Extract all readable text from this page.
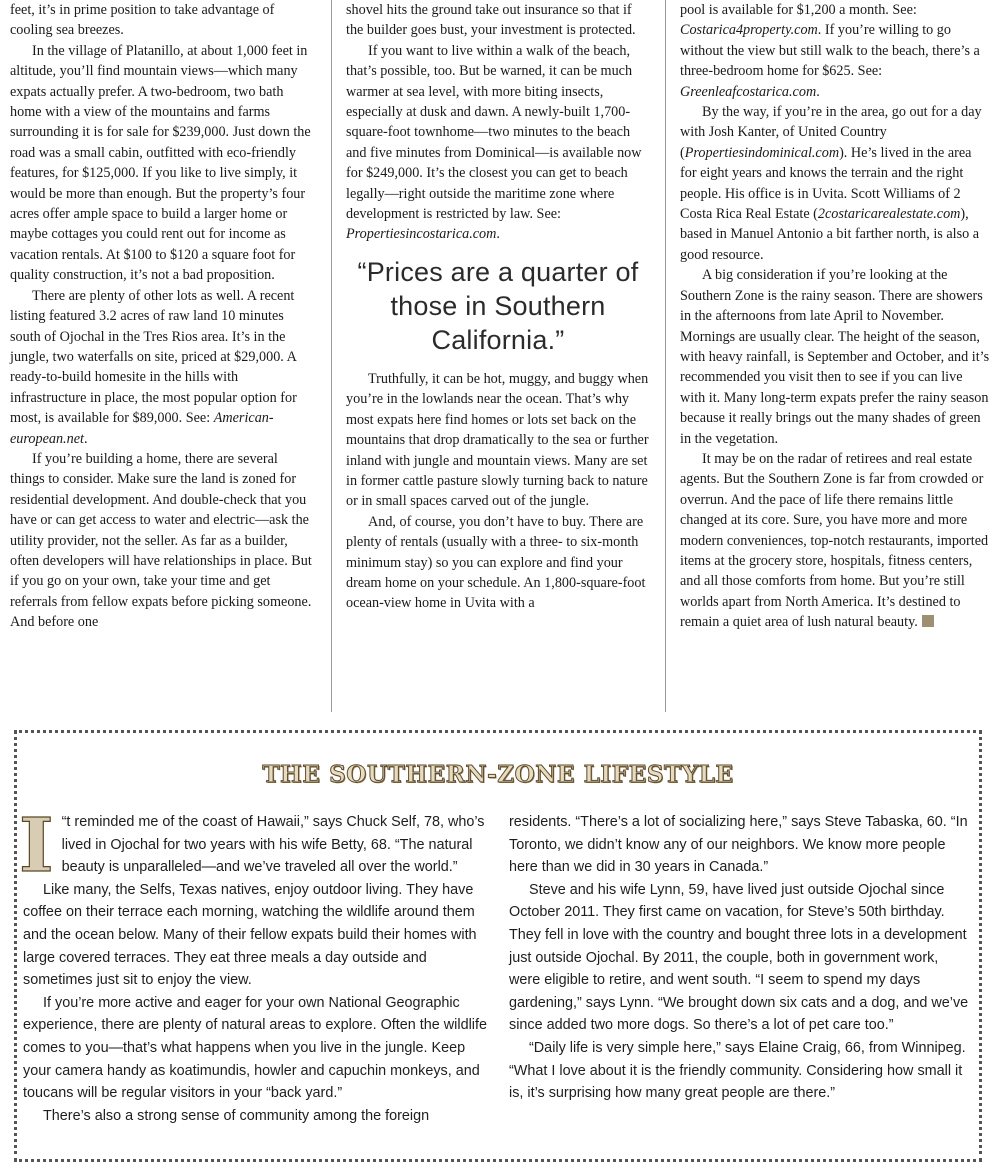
feet, it’s in prime position to take advantage of cooling sea breezes.

In the village of Platanillo, at about 1,000 feet in altitude, you’ll find mountain views—which many expats actually prefer. A two-bedroom, two bath home with a view of the mountains and farms surrounding it is for sale for $239,000. Just down the road was a small cabin, outfitted with eco-friendly features, for $125,000. If you like to live simply, it would be more than enough. But the property’s four acres offer ample space to build a larger home or maybe cottages you could rent out for income as vacation rentals. At $100 to $120 a square foot for quality construction, it’s not a bad proposition.

There are plenty of other lots as well. A recent listing featured 3.2 acres of raw land 10 minutes south of Ojochal in the Tres Rios area. It’s in the jungle, two waterfalls on site, priced at $29,000. A ready-to-build homesite in the hills with infrastructure in place, the most popular option for most, is available for $89,000. See: American-european.net.

If you’re building a home, there are several things to consider. Make sure the land is zoned for residential development. And double-check that you have or can get access to water and electric—ask the utility provider, not the seller. As far as a builder, often developers will have relationships in place. But if you go on your own, take your time and get referrals from fellow expats before picking someone. And before one

shovel hits the ground take out insurance so that if the builder goes bust, your investment is protected.

If you want to live within a walk of the beach, that’s possible, too. But be warned, it can be much warmer at sea level, with more biting insects, especially at dusk and dawn. A newly-built 1,700-square-foot townhome—two minutes to the beach and five minutes from Dominical—is available now for $249,000. It’s the closest you can get to beach legally—right outside the maritime zone where development is restricted by law. See: Propertiesincostarica.com.

“Prices are a quarter of those in Southern California.”

Truthfully, it can be hot, muggy, and buggy when you’re in the lowlands near the ocean. That’s why most expats here find homes or lots set back on the mountains that drop dramatically to the sea or further inland with jungle and mountain views. Many are set in former cattle pasture slowly turning back to nature or in small spaces carved out of the jungle.

And, of course, you don’t have to buy. There are plenty of rentals (usually with a three- to six-month minimum stay) so you can explore and find your dream home on your schedule. An 1,800-square-foot ocean-view home in Uvita with a

pool is available for $1,200 a month. See: Costarica4property.com. If you’re willing to go without the view but still walk to the beach, there’s a three-bedroom home for $625. See: Greenleafcostarica.com.

By the way, if you’re in the area, go out for a day with Josh Kanter, of United Country (Propertiesindominical.com). He’s lived in the area for eight years and knows the terrain and the right people. His office is in Uvita. Scott Williams of 2 Costa Rica Real Estate (2costaricarealestate.com), based in Manuel Antonio a bit farther north, is also a good resource.

A big consideration if you’re looking at the Southern Zone is the rainy season. There are showers in the afternoons from late April to November. Mornings are usually clear. The height of the season, with heavy rainfall, is September and October, and it’s recommended you visit then to see if you can live with it. Many long-term expats prefer the rainy season because it really brings out the many shades of green in the vegetation.

It may be on the radar of retirees and real estate agents. But the Southern Zone is far from crowded or overrun. And the pace of life there remains little changed at its core. Sure, you have more and more modern conveniences, top-notch restaurants, imported items at the grocery store, hospitals, fitness centers, and all those comforts from home. But you’re still worlds apart from North America. It’s destined to remain a quiet area of lush natural beauty.

THE SOUTHERN-ZONE LIFESTYLE

“
I t reminded me of the coast of Hawaii,” says Chuck Self, 78, who’s lived in Ojochal for two years with his wife Betty, 68. “The natural beauty is unparalleled—and we’ve traveled all over the world.”

Like many, the Selfs, Texas natives, enjoy outdoor living. They have coffee on their terrace each morning, watching the wildlife around them and the ocean below. Many of their fellow expats build their homes with large covered terraces. They eat three meals a day outside and sometimes just sit to enjoy the view.

If you’re more active and eager for your own National Geographic experience, there are plenty of natural areas to explore. Often the wildlife comes to you—that’s what happens when you live in the jungle. Keep your camera handy as koatimundis, howler and capuchin monkeys, and toucans will be regular visitors in your “back yard.”

There’s also a strong sense of community among the foreign

residents. “There’s a lot of socializing here,” says Steve Tabaska, 60. “In Toronto, we didn’t know any of our neighbors. We know more people here than we did in 30 years in Canada.”

Steve and his wife Lynn, 59, have lived just outside Ojochal since October 2011. They first came on vacation, for Steve’s 50th birthday. They fell in love with the country and bought three lots in a development just outside Ojochal. By 2011, the couple, both in government work, were eligible to retire, and went south. “I seem to spend my days gardening,” says Lynn. “We brought down six cats and a dog, and we’ve since added two more dogs. So there’s a lot of pet care too.”

“Daily life is very simple here,” says Elaine Craig, 66, from Winnipeg. “What I love about it is the friendly community. Considering how small it is, it’s surprising how many great people are there.”
